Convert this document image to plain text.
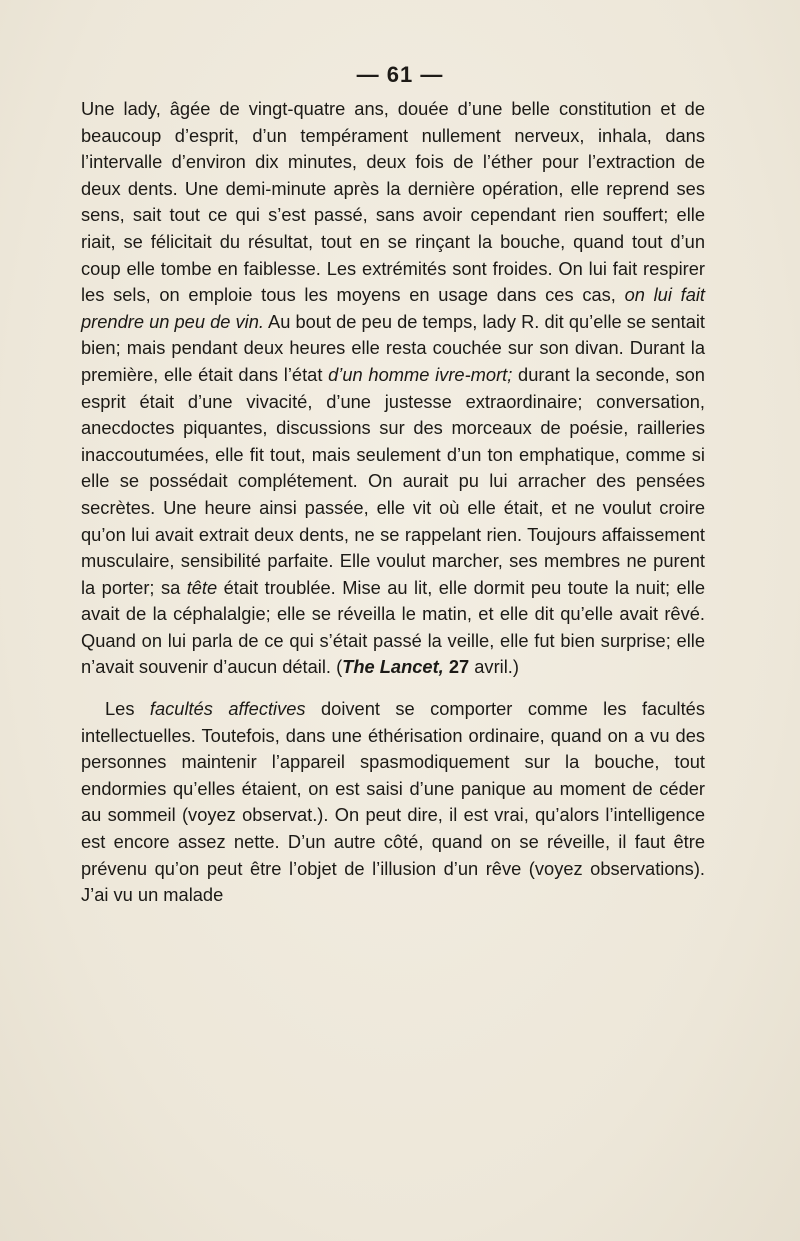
— 61 —

Une lady, âgée de vingt-quatre ans, douée d’une belle constitution et de beaucoup d’esprit, d’un tempérament nullement nerveux, inhala, dans l’intervalle d’environ dix minutes, deux fois de l’éther pour l’extraction de deux dents. Une demi-minute après la dernière opération, elle reprend ses sens, sait tout ce qui s’est passé, sans avoir cependant rien souffert; elle riait, se félicitait du résultat, tout en se rinçant la bouche, quand tout d’un coup elle tombe en faiblesse. Les extrémités sont froides. On lui fait respirer les sels, on emploie tous les moyens en usage dans ces cas, on lui fait prendre un peu de vin. Au bout de peu de temps, lady R. dit qu’elle se sentait bien; mais pendant deux heures elle resta couchée sur son divan. Durant la première, elle était dans l’état d’un homme ivre-mort; durant la seconde, son esprit était d’une vivacité, d’une justesse extraordinaire; conversation, anecdoctes piquantes, discussions sur des morceaux de poésie, railleries inaccoutumées, elle fit tout, mais seulement d’un ton emphatique, comme si elle se possédait complétement. On aurait pu lui arracher des pensées secrètes. Une heure ainsi passée, elle vit où elle était, et ne voulut croire qu’on lui avait extrait deux dents, ne se rappelant rien. Toujours affaissement musculaire, sensibilité parfaite. Elle voulut marcher, ses membres ne purent la porter; sa tête était troublée. Mise au lit, elle dormit peu toute la nuit; elle avait de la céphalalgie; elle se réveilla le matin, et elle dit qu’elle avait rêvé. Quand on lui parla de ce qui s’était passé la veille, elle fut bien surprise; elle n’avait souvenir d’aucun détail. (The Lancet, 27 avril.)

Les facultés affectives doivent se comporter comme les facultés intellectuelles. Toutefois, dans une éthérisation ordinaire, quand on a vu des personnes maintenir l’appareil spasmodiquement sur la bouche, tout endormies qu’elles étaient, on est saisi d’une panique au moment de céder au sommeil (voyez observat.). On peut dire, il est vrai, qu’alors l’intelligence est encore assez nette. D’un autre côté, quand on se réveille, il faut être prévenu qu’on peut être l’objet de l’illusion d’un rêve (voyez observations). J’ai vu un malade
